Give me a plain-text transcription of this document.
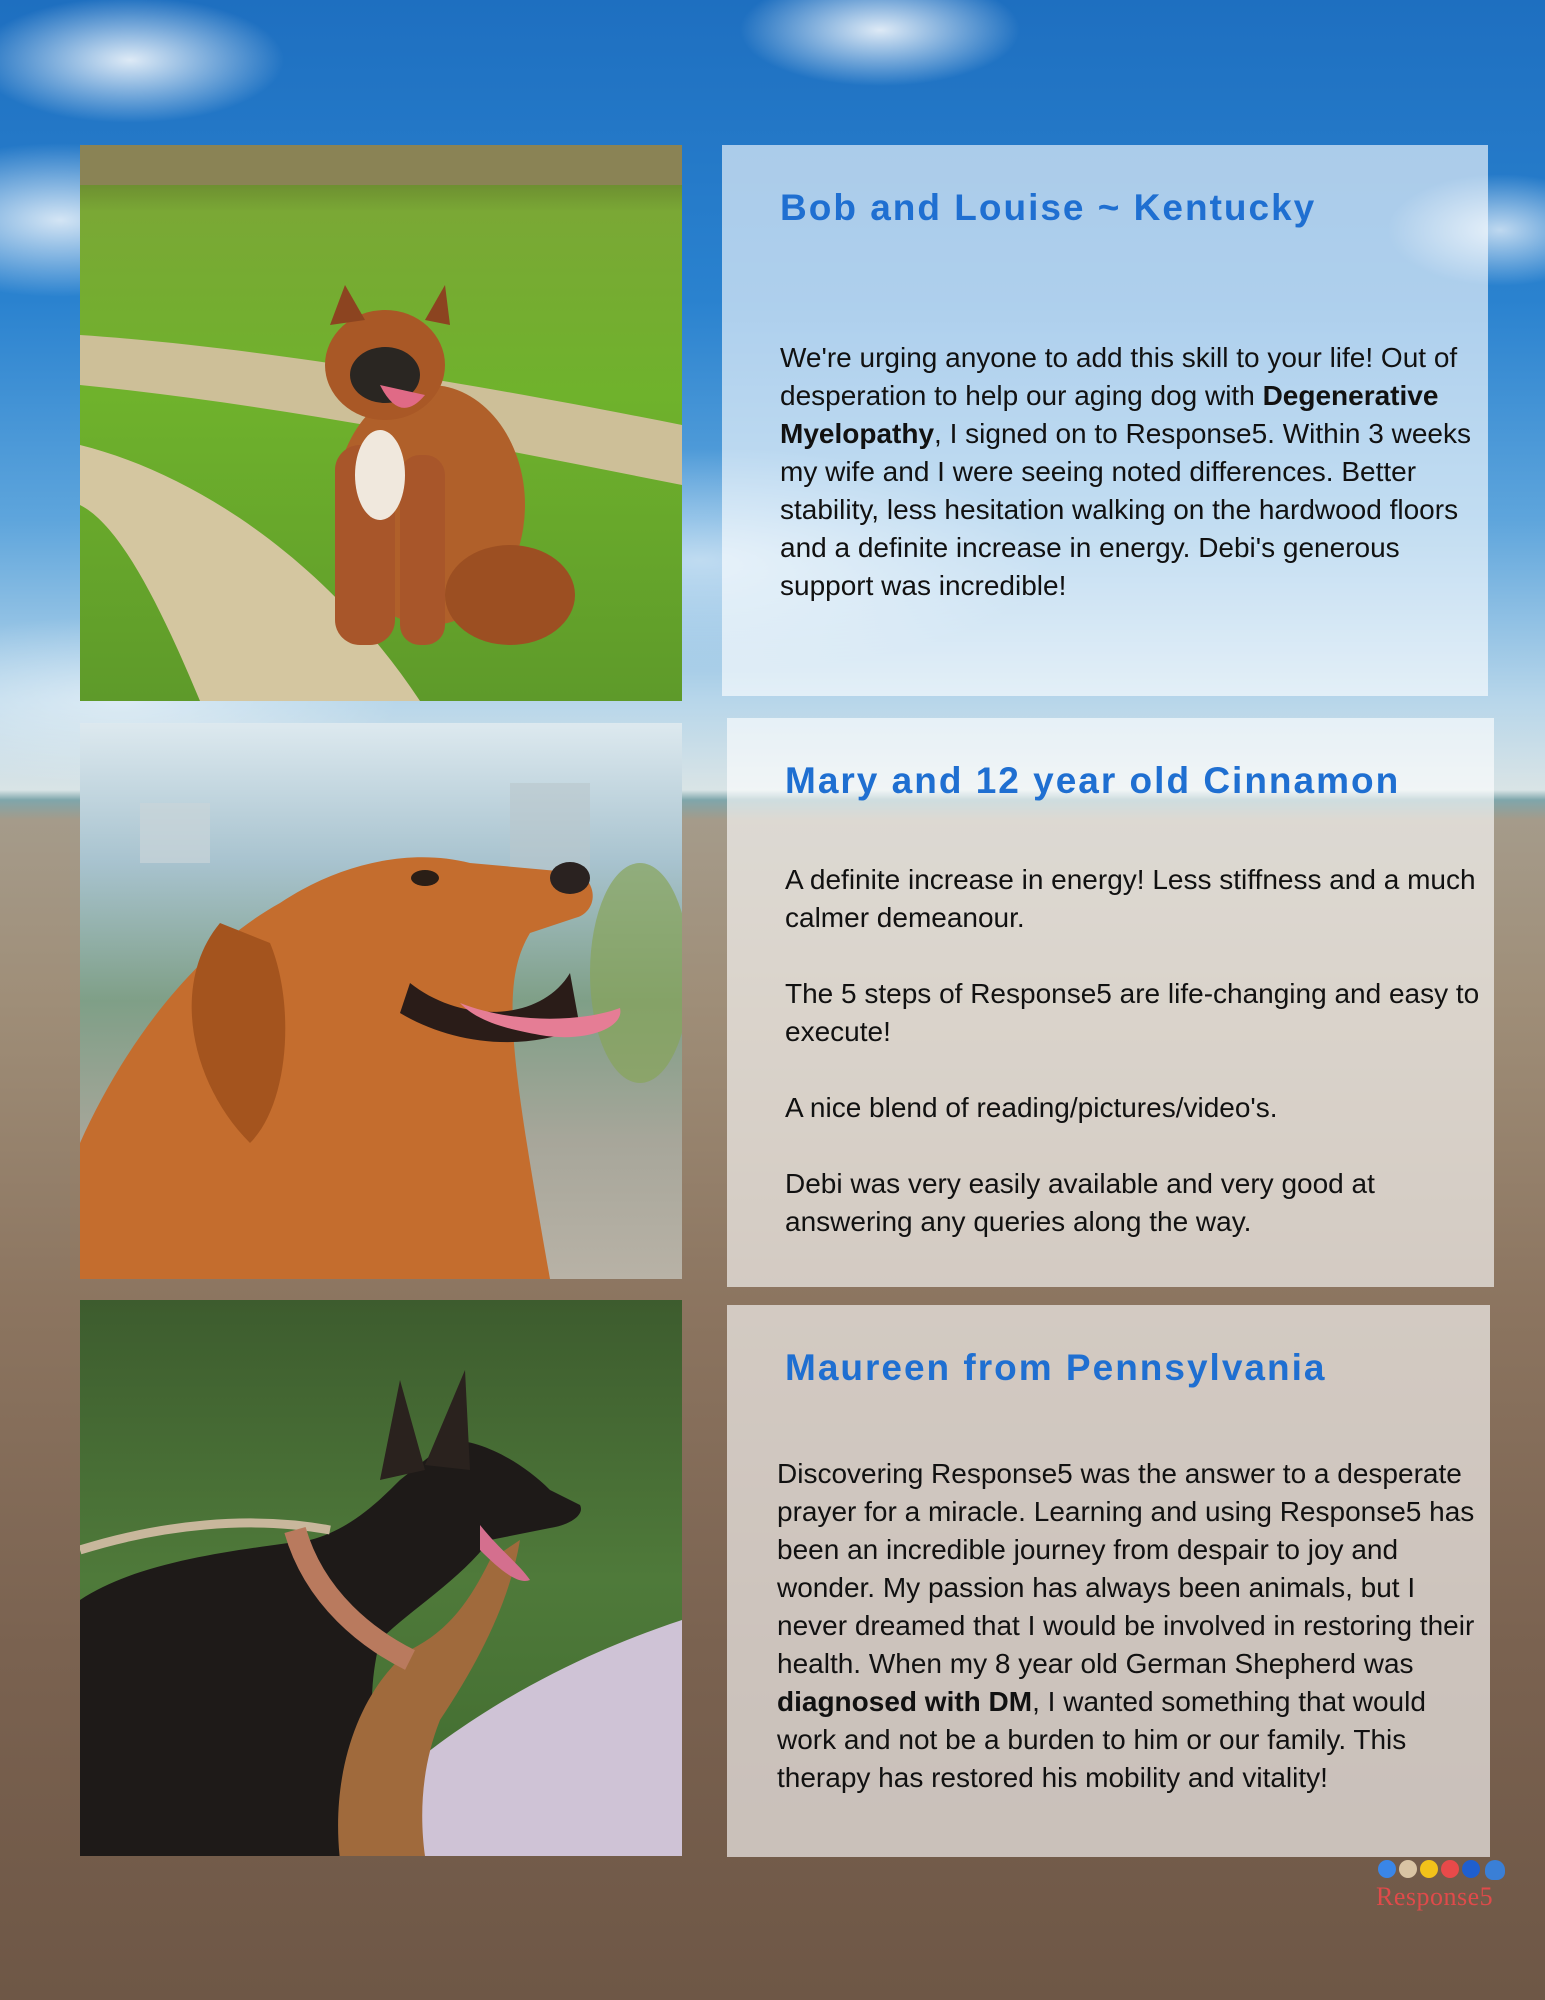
Bob and Louise ~ Kentucky

We're urging anyone to add this skill to your life! Out of desperation to help our aging dog with Degenerative Myelopathy, I signed on to Response5. Within 3 weeks my wife and I were seeing noted differences. Better stability, less hesitation walking on the hardwood floors and a definite increase in energy. Debi's generous support was incredible!

Mary and 12 year old Cinnamon

A definite increase in energy! Less stiffness and a much calmer demeanour.

The 5 steps of Response5 are life-changing and easy to execute!

A nice blend of reading/pictures/video's.

Debi was very easily available and very good at answering any queries along the way.

Maureen from Pennsylvania

Discovering Response5 was the answer to a desperate prayer for a miracle. Learning and using Response5 has been an incredible journey from despair to joy and wonder. My passion has always been animals, but I never dreamed that I would be involved in restoring their health. When my 8 year old German Shepherd was diagnosed with DM, I wanted something that would work and not be a burden to him or our family. This therapy has restored his mobility and vitality!

Response5
